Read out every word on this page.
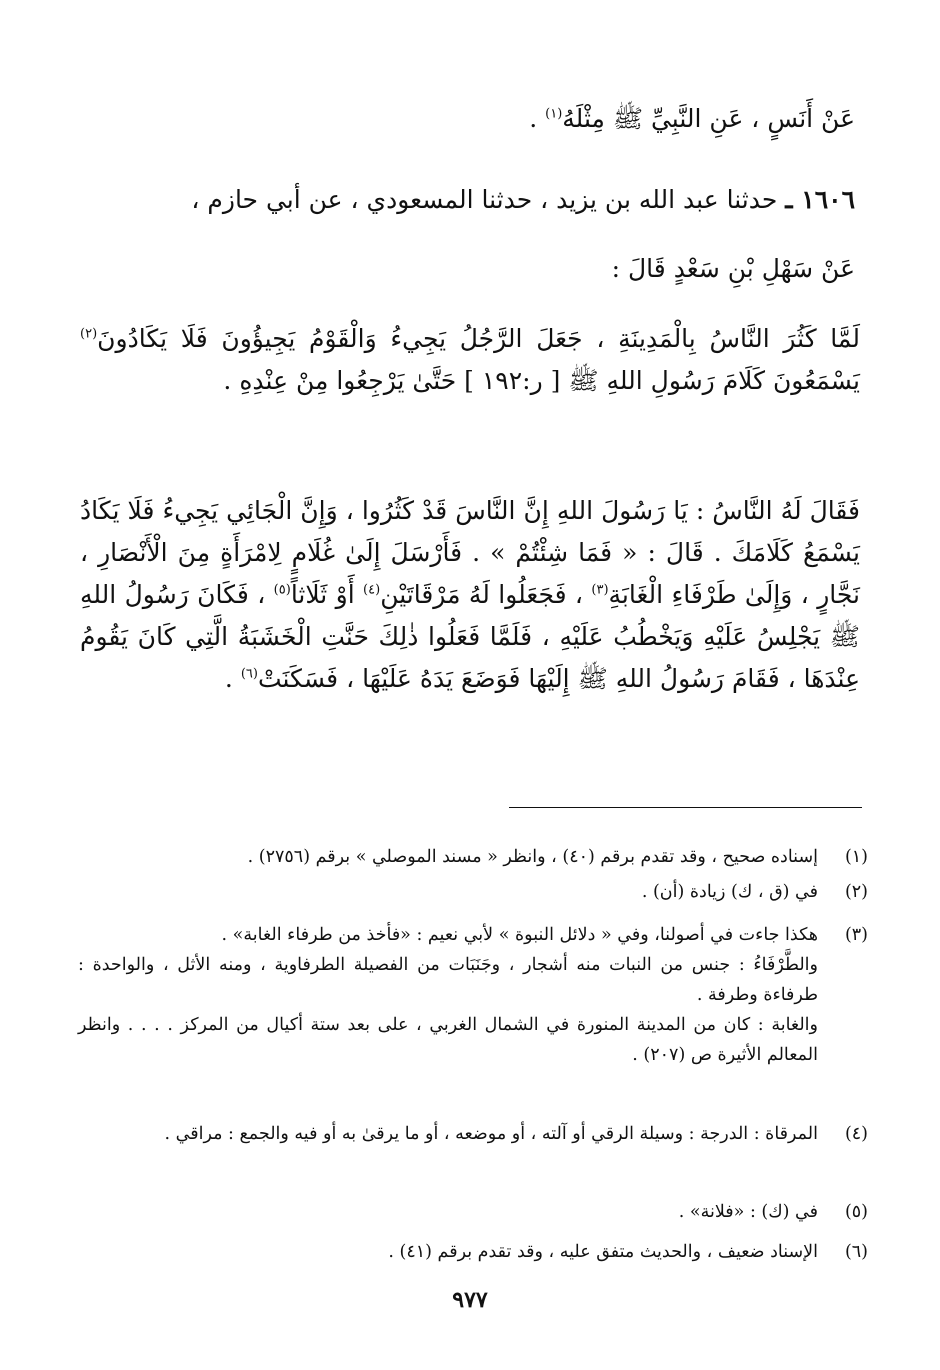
عَنْ أَنَسٍ ، عَنِ النَّبِيِّ ﷺ مِثْلَهُ$^{(١)}$ .
١٦٠٦ ـ حدثنا عبد الله بن يزيد ، حدثنا المسعودي ، عن أبي حازم ،
عَنْ سَهْلِ بْنِ سَعْدٍ قَالَ :
لَمَّا كَثُرَ النَّاسُ بِالْمَدِينَةِ ، جَعَلَ الرَّجُلُ يَجِيءُ وَالْقَوْمُ يَجِيؤُونَ فَلَا يَكَادُونَ$^{(٢)}$ يَسْمَعُونَ كَلَامَ رَسُولِ اللهِ ﷺ [ ر:١٩٢ ] حَتَّىٰ يَرْجِعُوا مِنْ عِنْدِهِ .
فَقَالَ لَهُ النَّاسُ : يَا رَسُولَ اللهِ إِنَّ النَّاسَ قَدْ كَثُرُوا ، وَإِنَّ الْجَائِي يَجِيءُ فَلَا يَكَادُ يَسْمَعُ كَلَامَكَ . قَالَ : « فَمَا شِئْتُمْ » . فَأَرْسَلَ إِلَىٰ غُلَامٍ لِامْرَأَةٍ مِنَ الْأَنْصَارِ ، نَجَّارٍ ، وَإِلَىٰ طَرْفَاءِ الْغَابَةِ$^{(٣)}$ ، فَجَعَلُوا لَهُ مَرْقَاتَيْنِ$^{(٤)}$ أَوْ ثَلَاثاً$^{(٥)}$ ، فَكَانَ رَسُولُ اللهِ ﷺ يَجْلِسُ عَلَيْهِ وَيَخْطُبُ عَلَيْهِ ، فَلَمَّا فَعَلُوا ذٰلِكَ حَنَّتِ الْخَشَبَةُ الَّتِي كَانَ يَقُومُ عِنْدَهَا ، فَقَامَ رَسُولُ اللهِ ﷺ إِلَيْهَا فَوَضَعَ يَدَهُ عَلَيْهَا ، فَسَكَنَتْ$^{(٦)}$ .
(١)

إسناده صحيح ، وقد تقدم برقم (٤٠) ، وانظر « مسند الموصلي » برقم (٢٧٥٦) .

(٢)

في (ق ، ك) زيادة (أن) .

(٣)

هكذا جاءت في أصولنا، وفي « دلائل النبوة » لأبي نعيم : «فأخذ من طرفاء الغابة» .

والطَّرْفَاءُ : جنس من النبات منه أشجار ، وجَنَبَات من الفصيلة الطرفاوية ، ومنه الأثل ، والواحدة : طرفاءة وطرفة .

والغابة : كان من المدينة المنورة في الشمال الغربي ، على بعد ستة أكيال من المركز . . . . وانظر المعالم الأثيرة ص (٢٠٧) .

(٤)

المرقاة : الدرجة : وسيلة الرقي أو آلته ، أو موضعه ، أو ما يرقىٰ به أو فيه والجمع : مراقي .

(٥)

في (ك) : «فلانة» .

(٦)

الإسناد ضعيف ، والحديث متفق عليه ، وقد تقدم برقم (٤١) .

٩٧٧
